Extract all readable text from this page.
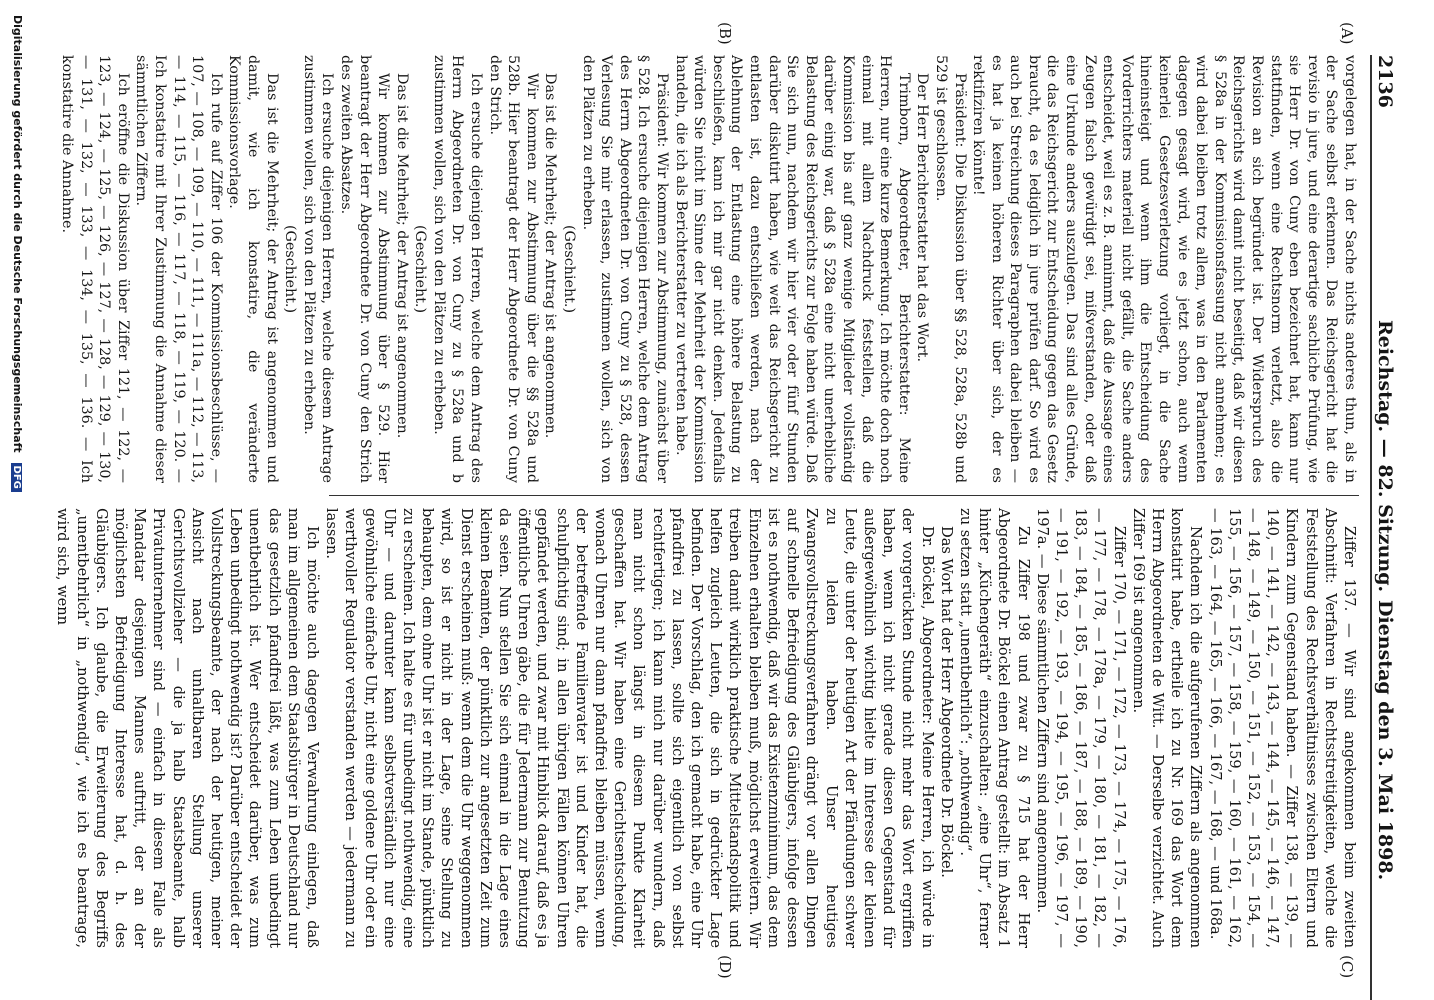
2136
Reichstag. — 82. Sitzung.
Dienstag den 3. Mai 1898.
(A)
(B)
(C)
(D)

vorgelegen hat, in der Sache nichts anderes thun, als in der Sache selbst erkennen. Das Reichsgericht hat die revisio in jure, und eine derartige sachliche Prüfung, wie sie Herr Dr. von Cuny eben bezeichnet hat, kann nur stattfinden, wenn eine Rechtsnorm verletzt, also die Revision an sich begründet ist. Der Widerspruch des Reichsgerichts wird damit nicht beseitigt, daß wir diesen § 528a in der Kommissionsfassung nicht annehmen; es wird dabei bleiben trotz allem, was in den Parlamenten dagegen gesagt wird, wie es jetzt schon, auch wenn keinerlei Gesetzesverletzung vorliegt, in die Sache hineinsteigt und wenn ihm die Entscheidung des Vorderrichters materiell nicht gefällt, die Sache anders entscheidet, weil es z. B. annimmt, daß die Aussage eines Zeugen falsch gewürdigt sei, mißverstanden, oder daß eine Urkunde anders auszulegen. Das sind alles Gründe, die das Reichsgericht zur Entscheidung gegen das Gesetz braucht, da es lediglich in jure prüfen darf. So wird es auch bei Streichung dieses Paragraphen dabei bleiben — es hat ja keinen höheren Richter über sich, der es rektifiziren könnte!

Präsident: Die Diskussion über §§ 528, 528a, 528b und 529 ist geschlossen.

Der Herr Berichterstatter hat das Wort.

Trimborn, Abgeordneter, Berichterstatter: Meine Herren, nur eine kurze Bemerkung. Ich möchte doch noch einmal mit allem Nachdruck feststellen, daß die Kommission bis auf ganz wenige Mitglieder vollständig darüber einig war, daß § 528a eine nicht unerhebliche Belastung des Reichsgerichts zur Folge haben würde. Daß Sie sich nun, nachdem wir hier vier oder fünf Stunden darüber diskutirt haben, wie weit das Reichsgericht zu entlasten ist, dazu entschließen werden, nach der Ablehnung der Entlastung eine höhere Belastung zu beschließen, kann ich mir gar nicht denken. Jedenfalls würden Sie nicht im Sinne der Mehrheit der Kommission handeln, die ich als Berichterstatter zu vertreten habe.

Präsident: Wir kommen zur Abstimmung, zunächst über § 528. Ich ersuche diejenigen Herren, welche dem Antrag des Herrn Abgeordneten Dr. von Cuny zu § 528, dessen Verlesung Sie mir erlassen, zustimmen wollen, sich von den Plätzen zu erheben.

(Geschieht.)

Das ist die Mehrheit; der Antrag ist angenommen.

Wir kommen zur Abstimmung über die §§ 528a und 528b. Hier beantragt der Herr Abgeordnete Dr. von Cuny den Strich.

Ich ersuche diejenigen Herren, welche dem Antrag des Herrn Abgeordneten Dr. von Cuny zu § 528a und b zustimmen wollen, sich von den Plätzen zu erheben.

(Geschieht.)

Das ist die Mehrheit; der Antrag ist angenommen.

Wir kommen zur Abstimmung über § 529. Hier beantragt der Herr Abgeordnete Dr. von Cuny den Strich des zweiten Absatzes.

Ich ersuche diejenigen Herren, welche diesem Antrage zustimmen wollen, sich von den Plätzen zu erheben.

(Geschieht.)

Das ist die Mehrheit; der Antrag ist angenommen und damit, wie ich konstatire, die veränderte Kommissionsvorlage.

Ich rufe auf Ziffer 106 der Kommissionsbeschlüsse, — 107, — 108, — 109, — 110, — 111, — 111a, — 112, — 113, — 114, — 115, — 116, — 117, — 118, — 119, — 120. — Ich konstatire mit Ihrer Zustimmung die Annahme dieser sämmtlichen Ziffern.

Ich eröffne die Diskussion über Ziffer 121, — 122, — 123, — 124, — 125, — 126, — 127, — 128, — 129, — 130, — 131, — 132, — 133, — 134, — 135, — 136. — Ich konstatire die Annahme.

Ziffer 137. — Wir sind angekommen beim zweiten Abschnitt: Verfahren in Rechtsstreitigkeiten, welche die Feststellung des Rechtsverhältnisses zwischen Eltern und Kindern zum Gegenstand haben. — Ziffer 138, — 139, — 140, — 141, — 142, — 143, — 144, — 145, — 146, — 147, — 148, — 149, — 150, — 151, — 152, — 153, — 154, — 155, — 156, — 157, — 158, — 159, — 160, — 161, — 162, — 163, — 164, — 165, — 166, — 167, — 168, — und 168a.

Nachdem ich die aufgerufenen Ziffern als angenommen konstatirt habe, ertheile ich zu Nr. 169 das Wort dem Herrn Abgeordneten de Witt. — Derselbe verzichtet. Auch Ziffer 169 ist angenommen.

Ziffer 170, — 171, — 172, — 173, — 174, — 175, — 176, — 177, — 178, — 178a, — 179, — 180, — 181, — 182, — 183, — 184, — 185, — 186, — 187, — 188, — 189, — 190, — 191, — 192, — 193, — 194, — 195, — 196, — 197, — 197a. — Diese sämmtlichen Ziffern sind angenommen.

Zu Ziffer 198 und zwar zu § 715 hat der Herr Abgeordnete Dr. Böckel einen Antrag gestellt: im Absatz 1 hinter „Küchengeräth“ einzuschalten: „eine Uhr“, ferner zu setzen statt „unentbehrlich“: „nothwendig“.

Das Wort hat der Herr Abgeordnete Dr. Böckel.

Dr. Böckel, Abgeordneter: Meine Herren, ich würde in der vorgerückten Stunde nicht mehr das Wort ergriffen haben, wenn ich nicht gerade diesen Gegenstand für außergewöhnlich wichtig hielte im Interesse der kleinen Leute, die unter der heutigen Art der Pfändungen schwer zu leiden haben. Unser heutiges Zwangsvollstreckungsverfahren drängt vor allen Dingen auf schnelle Befriedigung des Gläubigers, infolge dessen ist es nothwendig, daß wir das Existenzminimum, das dem Einzelnen erhalten bleiben muß, möglichst erweitern. Wir treiben damit wirklich praktische Mittelstandspolitik und helfen zugleich Leuten, die sich in gedrückter Lage befinden. Der Vorschlag, den ich gemacht habe, eine Uhr pfandfrei zu lassen, sollte sich eigentlich von selbst rechtfertigen; ich kann mich nur darüber wundern, daß man nicht schon längst in diesem Punkte Klarheit geschaffen hat. Wir haben eine Gerichtsentscheidung, wonach Uhren nur dann pfandfrei bleiben müssen, wenn der betreffende Familienvater ist und Kinder hat, die schulpflichtig sind; in allen übrigen Fällen können Uhren gepfändet werden, und zwar mit Hinblick darauf, daß es ja öffentliche Uhren gäbe, die für Jedermann zur Benutzung da seien. Nun stellen Sie sich einmal in die Lage eines kleinen Beamten, der pünktlich zur angesetzten Zeit zum Dienst erscheinen muß: wenn dem die Uhr weggenommen wird, so ist er nicht in der Lage, seine Stellung zu behaupten, dem ohne Uhr ist er nicht im Stande, pünktlich zu erscheinen. Ich halte es für unbedingt nothwendig, eine Uhr — und darunter kann selbstverständlich nur eine gewöhnliche einfache Uhr, nicht eine goldene Uhr oder ein werthvoller Regulator verstanden werden — jedermann zu lassen.

Ich möchte auch dagegen Verwahrung einlegen, daß man im allgemeinen dem Staatsbürger in Deutschland nur das gesetzlich pfandfrei läßt, was zum Leben unbedingt unentbehrlich ist. Wer entscheidet darüber, was zum Leben unbedingt nothwendig ist? Darüber entscheidet der Vollstreckungsbeamte, der nach der heutigen, meiner Ansicht nach unhaltbaren Stellung unserer Gerichtsvollzieher — die ja halb Staatsbeamte, halb Privatunternehmer sind — einfach in diesem Falle als Mandatar desjenigen Mannes auftritt, der an der möglichsten Befriedigung Interesse hat, d. h. des Gläubigers. Ich glaube, die Erweiterung des Begriffs „unentbehrlich“ in „nothwendig“, wie ich es beantrage, wird sich, wenn

Digitalisierung gefördert durch die Deutsche Forschungsgemeinschaft DFG
